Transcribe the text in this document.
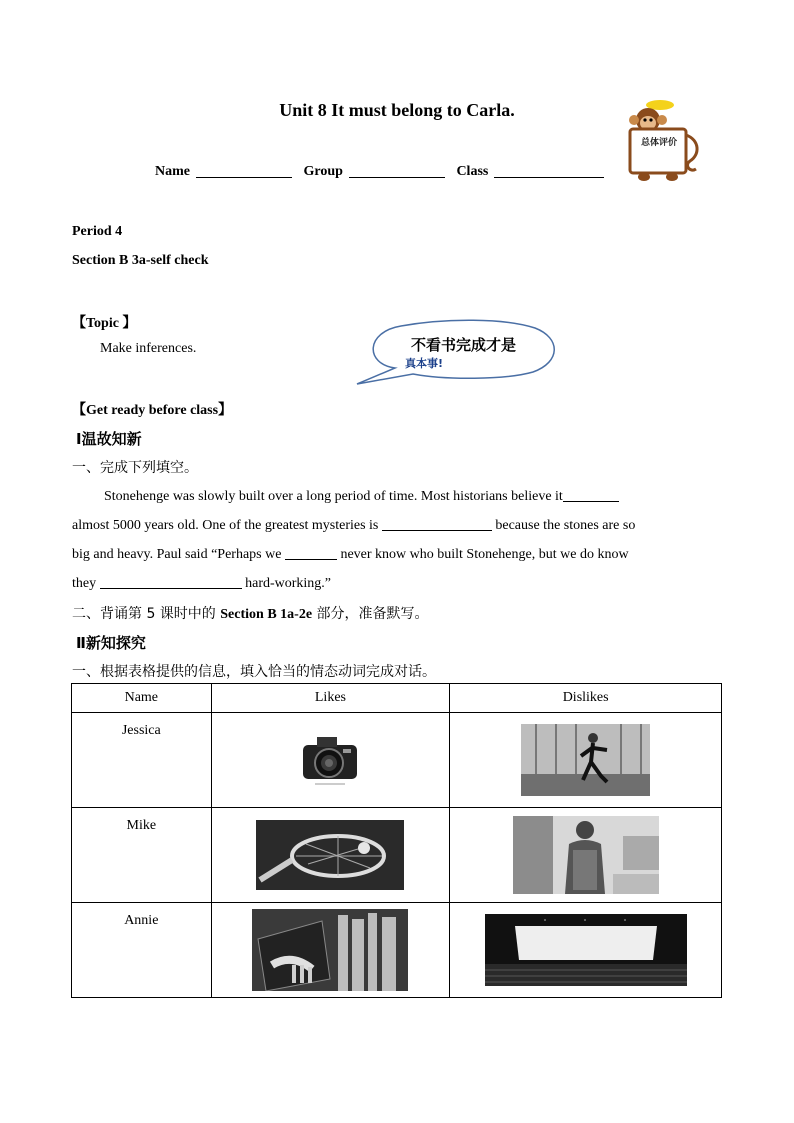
Unit 8 It must belong to Carla.
总体评价
Name	Group	Class
Period 4
Section B 3a-self check
【Topic 】
Make inferences.	不看书完成才是
真本事!
【Get ready before class】
Ⅰ温故知新
一、完成下列填空。
Stonehenge was slowly built over a long period of time. Most historians believe it
almost 5000 years old. One of the greatest mysteries is	because the stones are so
big and heavy. Paul said “Perhaps we	never know who built Stonehenge, but we do know
they	hard-working.”
二、背诵第 5 课时中的 Section B 1a-2e 部分，准备默写。
Ⅱ新知探究
一、根据表格提供的信息，填入恰当的情态动词完成对话。
Name	Likes	Dislikes
Jessica	

Mike	

Annie	
